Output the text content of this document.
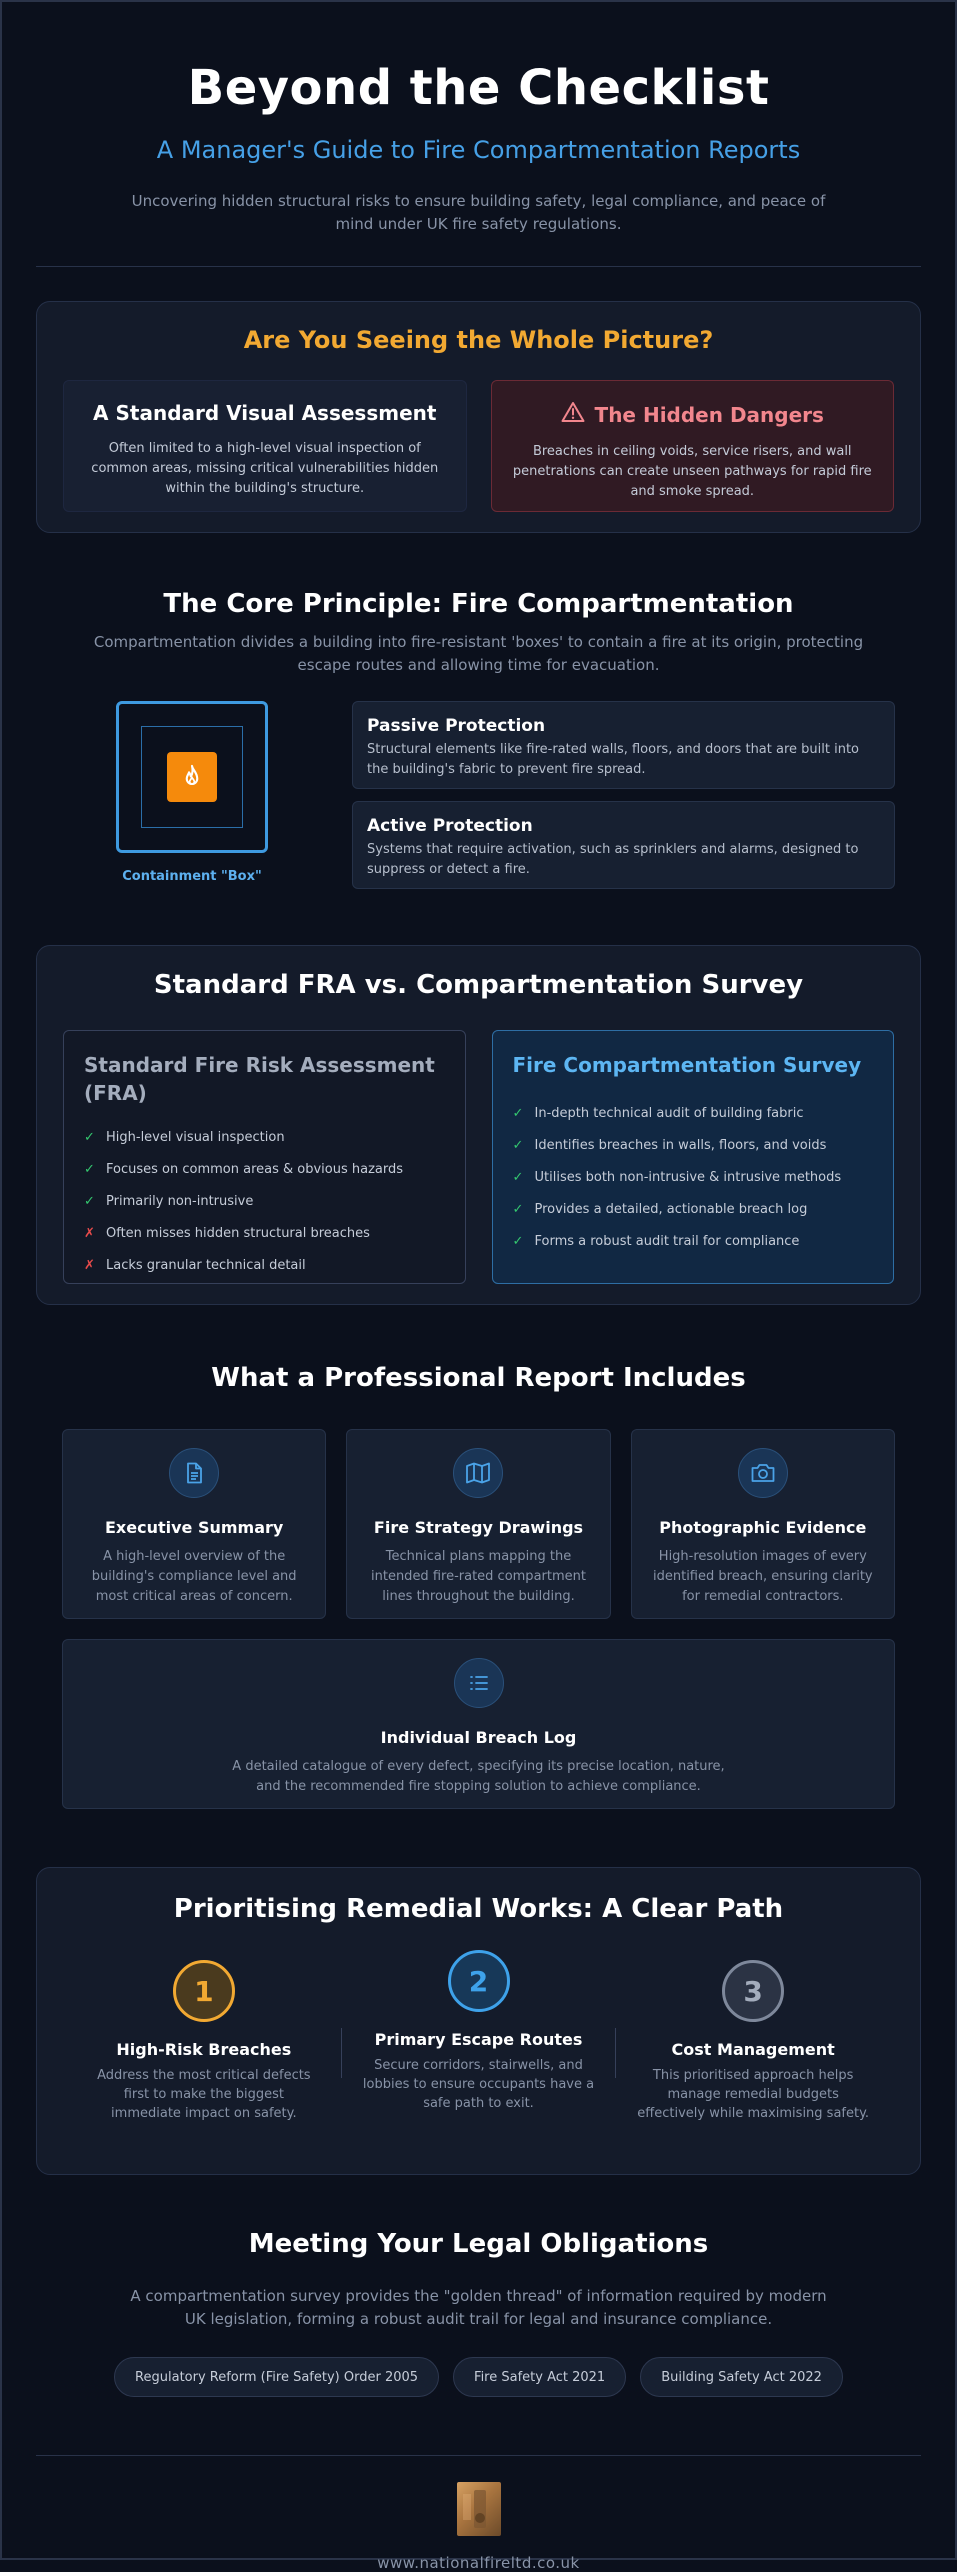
Beyond the Checklist
A Manager's Guide to Fire Compartmentation Reports

Uncovering hidden structural risks to ensure building safety, legal compliance, and peace of mind under UK fire safety regulations.

Are You Seeing the Whole Picture?
A Standard Visual Assessment

Often limited to a high-level visual inspection of common areas, missing critical vulnerabilities hidden within the building's structure.

The Hidden Dangers

Breaches in ceiling voids, service risers, and wall penetrations can create unseen pathways for rapid fire and smoke spread.

The Core Principle: Fire Compartmentation

Compartmentation divides a building into fire-resistant 'boxes' to contain a fire at its origin, protecting escape routes and allowing time for evacuation.

Containment "Box"
Passive Protection

Structural elements like fire-rated walls, floors, and doors that are built into the building's fabric to prevent fire spread.

Active Protection

Systems that require activation, such as sprinklers and alarms, designed to suppress or detect a fire.

Standard FRA vs. Compartmentation Survey
Standard Fire Risk Assessment (FRA)
✓ High-level visual inspection
✓ Focuses on common areas & obvious hazards
✓ Primarily non-intrusive
✗ Often misses hidden structural breaches
✗ Lacks granular technical detail
Fire Compartmentation Survey
✓ In-depth technical audit of building fabric
✓ Identifies breaches in walls, floors, and voids
✓ Utilises both non-intrusive & intrusive methods
✓ Provides a detailed, actionable breach log
✓ Forms a robust audit trail for compliance
What a Professional Report Includes
Executive Summary

A high-level overview of the building's compliance level and most critical areas of concern.

Fire Strategy Drawings

Technical plans mapping the intended fire-rated compartment lines throughout the building.

Photographic Evidence

High-resolution images of every identified breach, ensuring clarity for remedial contractors.

Individual Breach Log

A detailed catalogue of every defect, specifying its precise location, nature, and the recommended fire stopping solution to achieve compliance.

Prioritising Remedial Works: A Clear Path
1
High-Risk Breaches

Address the most critical defects first to make the biggest immediate impact on safety.

2
Primary Escape Routes

Secure corridors, stairwells, and lobbies to ensure occupants have a safe path to exit.

3
Cost Management

This prioritised approach helps manage remedial budgets effectively while maximising safety.

Meeting Your Legal Obligations

A compartmentation survey provides the "golden thread" of information required by modern UK legislation, forming a robust audit trail for legal and insurance compliance.

Regulatory Reform (Fire Safety) Order 2005	Fire Safety Act 2021	Building Safety Act 2022
www.nationalfireltd.co.uk
